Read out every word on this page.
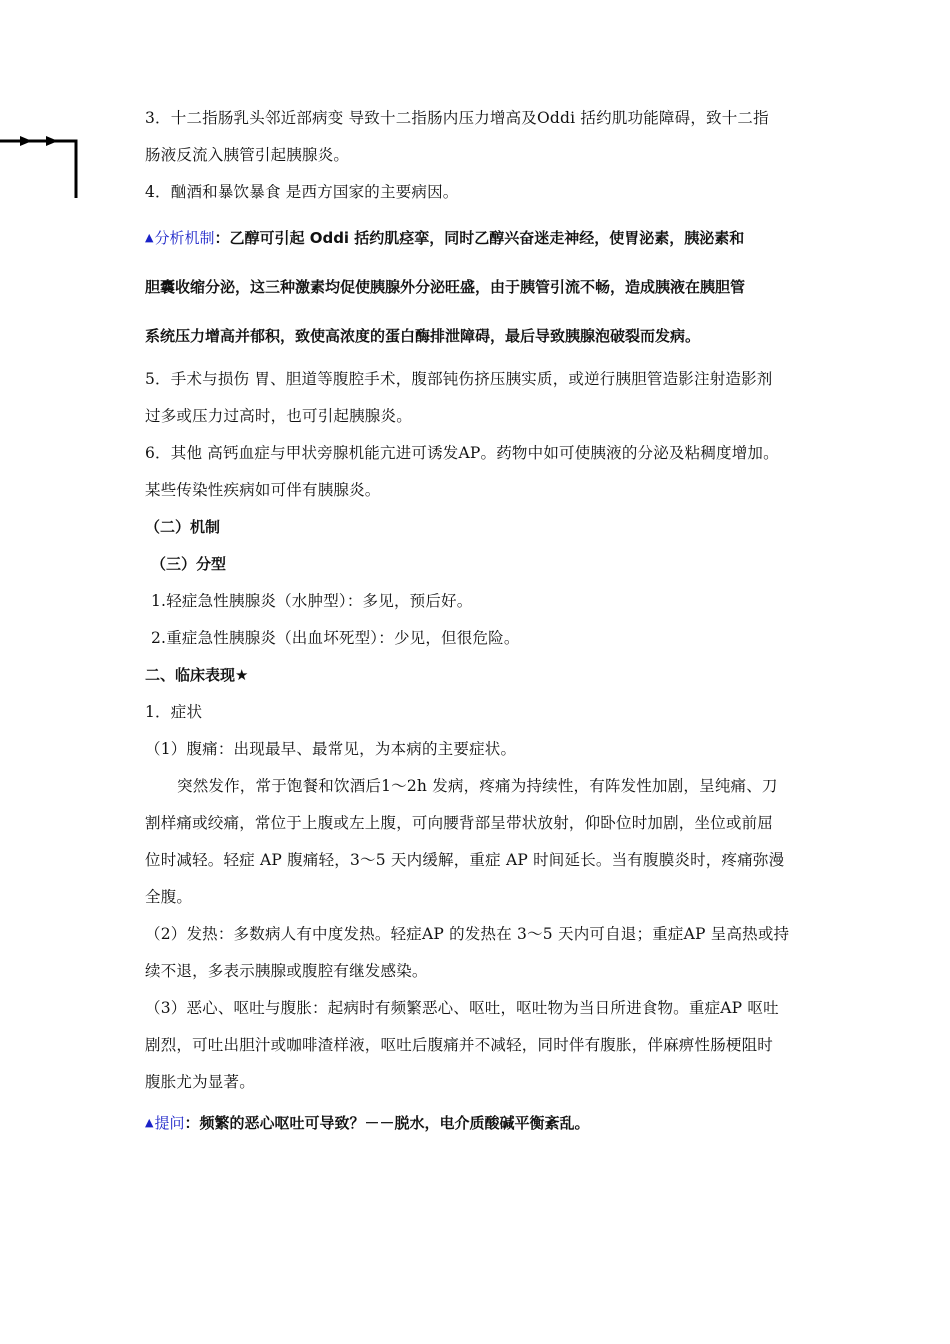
3．十二指肠乳头邻近部病变 导致十二指肠内压力增高及Oddi 括约肌功能障碍，致十二指

肠液反流入胰管引起胰腺炎。

4．酗酒和暴饮暴食 是西方国家的主要病因。

▲分析机制：乙醇可引起 Oddi 括约肌痉挛，同时乙醇兴奋迷走神经，使胃泌素，胰泌素和

胆囊收缩分泌，这三种激素均促使胰腺外分泌旺盛，由于胰管引流不畅，造成胰液在胰胆管

系统压力增高并郁积，致使高浓度的蛋白酶排泄障碍，最后导致胰腺泡破裂而发病。

5．手术与损伤 胃、胆道等腹腔手术，腹部钝伤挤压胰实质，或逆行胰胆管造影注射造影剂

过多或压力过高时，也可引起胰腺炎。

6．其他 高钙血症与甲状旁腺机能亢进可诱发AP。药物中如可使胰液的分泌及粘稠度增加。

某些传染性疾病如可伴有胰腺炎。

（二）机制

（三）分型

1.轻症急性胰腺炎（水肿型）：多见，预后好。

2.重症急性胰腺炎（出血坏死型）：少见，但很危险。

二、临床表现★

1．症状

（1）腹痛：出现最早、最常见，为本病的主要症状。

突然发作，常于饱餐和饮酒后1～2h 发病，疼痛为持续性，有阵发性加剧，呈纯痛、刀

割样痛或绞痛，常位于上腹或左上腹，可向腰背部呈带状放射，仰卧位时加剧，坐位或前屈

位时减轻。轻症 AP 腹痛轻，3～5 天内缓解，重症 AP 时间延长。当有腹膜炎时，疼痛弥漫

全腹。

（2）发热：多数病人有中度发热。轻症AP 的发热在 3～5 天内可自退；重症AP 呈高热或持

续不退，多表示胰腺或腹腔有继发感染。

（3）恶心、呕吐与腹胀：起病时有频繁恶心、呕吐，呕吐物为当日所进食物。重症AP 呕吐

剧烈，可吐出胆汁或咖啡渣样液，呕吐后腹痛并不减轻，同时伴有腹胀，伴麻痹性肠梗阻时

腹胀尤为显著。

▲提问：频繁的恶心呕吐可导致？－－脱水，电介质酸碱平衡紊乱。
